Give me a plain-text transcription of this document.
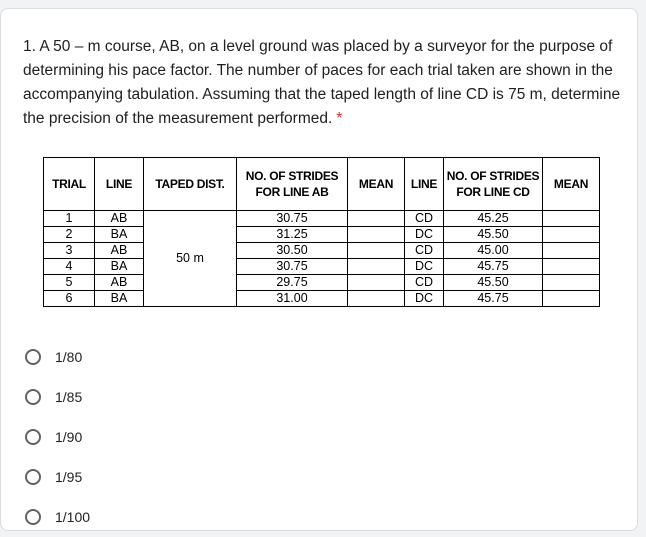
1. A 50 – m course, AB, on a level ground was placed by a surveyor for the purpose of determining his pace factor. The number of paces for each trial taken are shown in the accompanying tabulation. Assuming that the taped length of line CD is 75 m, determine the precision of the measurement performed. *

TRIAL	LINE	TAPED DIST.	NO. OF STRIDES FOR LINE AB	MEAN	LINE	NO. OF STRIDES FOR LINE CD	MEAN
1	AB	50 m	30.75		CD	45.25	
2	BA		31.25		DC	45.50	
3	AB		30.50		CD	45.00	
4	BA		30.75		DC	45.75	
5	AB		29.75		CD	45.50	
6	BA		31.00		DC	45.75	
1/80
1/85
1/90
1/95
1/100
